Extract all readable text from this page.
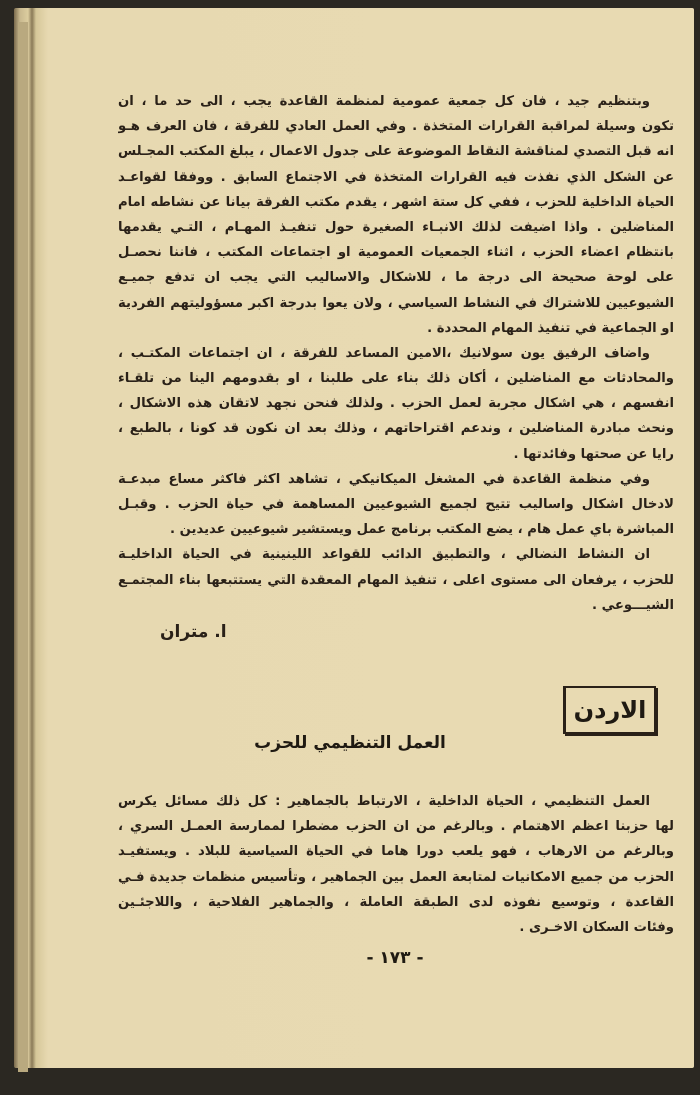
وبتنظيم جيد ، فان كل جمعية عمومية لمنظمة القاعدة يجب ، الى حد ما ، ان
تكون وسيلة لمراقبة القرارات المتخذة . وفي العمل العادي للفرقة ، فان العرف هـو
انه قبل التصدي لمناقشة النقاط الموضوعة على جدول الاعمال ، يبلغ المكتب المجـلس
عن الشكل الذي نفذت فيه القرارات المتخذة في الاجتماع السابق . ووفقا لقواعـد
الحياة الداخلية للحزب ، ففي كل ستة اشهر ، يقدم مكتب الفرقة بيانا عن نشاطه امام
المناضلين . واذا اضيفت لذلك الانبـاء الصغيرة حول تنفيـذ المهـام ، التـي يقدمها
بانتظام اعضاء الحزب ، اثناء الجمعيات العمومية او اجتماعات المكتب ، فاننا نحصـل
على لوحة صحيحة الى درجة ما ، للاشكال والاساليب التي يجب ان تدفع جميـع
الشيوعيين للاشتراك في النشاط السياسي ، ولان يعوا بدرجة اكبر مسؤوليتهم الفردية
او الجماعية في تنفيذ المهام المحددة .
واضاف الرفيق يون سولانيك ،الامين المساعد للفرقة ، ان اجتماعات المكتـب ،
والمحادثات مع المناضلين ، أكان ذلك بناء على طلبنا ، او بقدومهم الينا من تلقـاء
انفسهم ، هي اشكال مجربة لعمل الحزب . ولذلك فنحن نجهد لاتقان هذه الاشكال ،
ونحث مبادرة المناضلين ، وندعم اقتراحاتهم ، وذلك بعد ان نكون قد كونا ، بالطبع ،
رايا عن صحتها وفائدتها .
وفي منظمة القاعدة في المشغل الميكانيكي ، تشاهد اكثر فاكثر مساع مبدعـة
لادخال اشكال واساليب تتيح لجميع الشيوعيين المساهمة في حياة الحزب . وقبـل
المباشرة باي عمل هام ، يضع المكتب برنامج عمل ويستشير شيوعيين عديدين .
ان النشاط النضالي ، والتطبيق الدائب للقواعد اللينينية في الحياة الداخليـة
للحزب ، يرفعان الى مستوى اعلى ، تنفيذ المهام المعقدة التي يستتبعها بناء المجتمـع
الشيـــوعي .
ا. متران
الاردن
العمل التنظيمي للحزب
العمل التنظيمي ، الحياة الداخلية ، الارتباط بالجماهير : كل ذلك مسائل يكرس
لها حزبنا اعظم الاهتمام . وبالرغم من ان الحزب مضطرا لممارسة العمـل السري ،
وبالرغم من الارهاب ، فهو يلعب دورا هاما في الحياة السياسية للبلاد . ويستفيـد
الحزب من جميع الامكانيات لمتابعة العمل بين الجماهير ، وتأسيس منظمات جديدة فـي
القاعدة ، وتوسيع نفوذه لدى الطبقة العاملة ، والجماهير الفلاحية ، واللاجئـين
وفئات السكان الاخـرى .
- ١٧٣ -
